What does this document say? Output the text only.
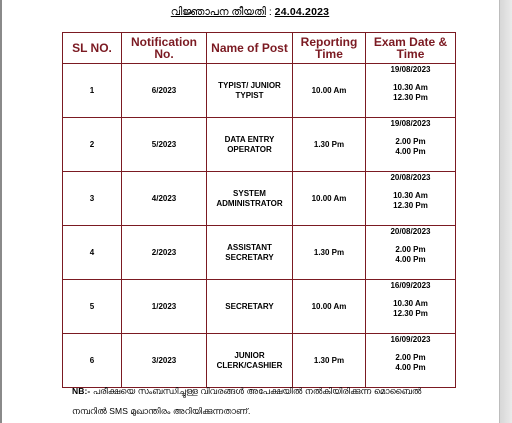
വിജ്ഞാപന തീയതി : 24.04.2023
SL NO.	Notification No.	Name of Post	Reporting Time	Exam Date & Time
1	6/2023	TYPIST/ JUNIOR TYPIST	10.00 Am	19/08/2023
10.30 Am
12.30 Pm

2	5/2023	DATA ENTRY OPERATOR	1.30 Pm	19/08/2023
2.00 Pm
4.00 Pm

3	4/2023	SYSTEM ADMINISTRATOR	10.00 Am	20/08/2023
10.30 Am
12.30 Pm

4	2/2023	ASSISTANT SECRETARY	1.30 Pm	20/08/2023
2.00 Pm
4.00 Pm

5	1/2023	SECRETARY	10.00 Am	16/09/2023
10.30 Am
12.30 Pm

6	3/2023	JUNIOR CLERK/CASHIER	1.30 Pm	16/09/2023
2.00 Pm
4.00 Pm
NB:- പരീക്ഷയെ സംബന്ധിച്ചുള്ള വിവരങ്ങൾ അപേക്ഷയിൽ നൽകിയിരിക്കുന്ന മൊബൈൽ
നമ്പറിൽ SMS മുഖാന്തിരം അറിയിക്കുന്നതാണ്.
